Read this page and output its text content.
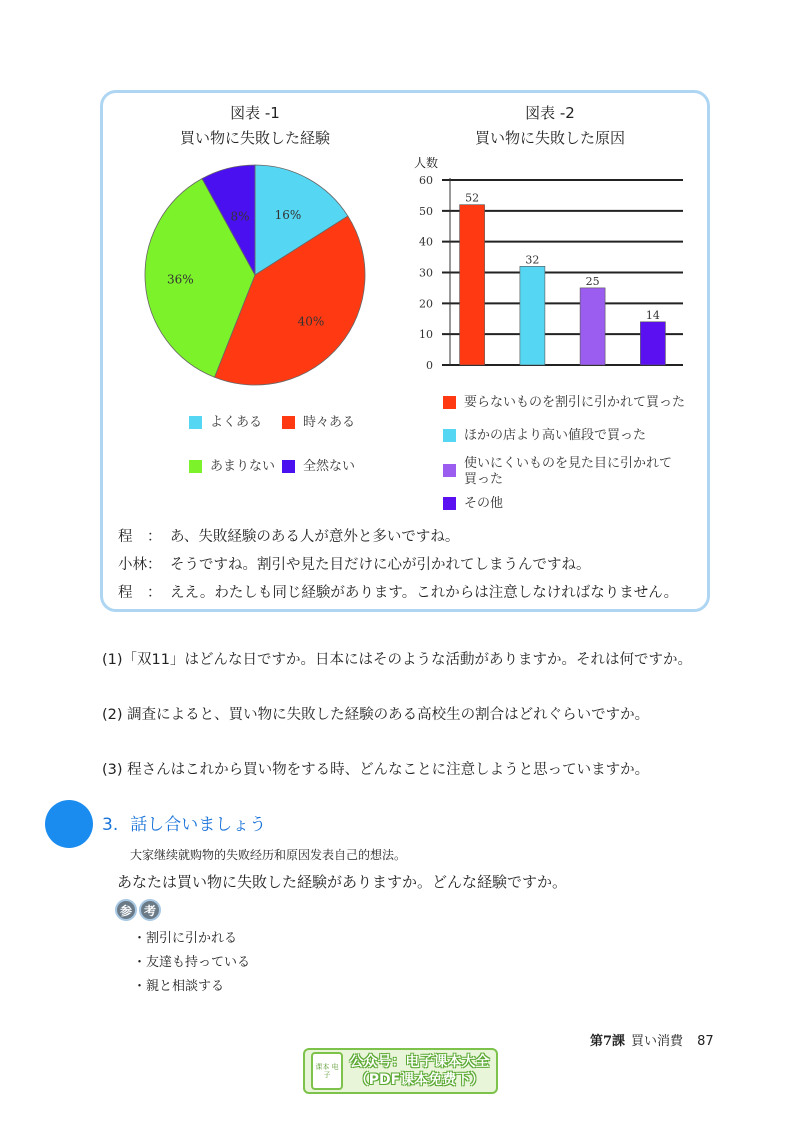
図表 -1
買い物に失敗した経験
図表 -2
買い物に失敗した原因
16%
40%
36%
8%
よくある	時々ある
あまりない 全然ない
人数
0
10
20
30
40
50
60
52
32
25
14
要らないものを割引に引かれて買った
ほかの店より高い値段で買った
使いにくいものを見た目に引かれて買った
その他
程　： あ、失敗経験のある人が意外と多いですね。
小林： そうですね。割引や見た目だけに心が引かれてしまうんですね。
程　： ええ。わたしも同じ経験があります。これからは注意しなければなりません。
(1)「双11」はどんな日ですか。日本にはそのような活動がありますか。それは何ですか。
(2) 調査によると、買い物に失敗した経験のある高校生の割合はどれぐらいですか。
(3) 程さんはこれから買い物をする時、どんなことに注意しようと思っていますか。
3. 話し合いましょう
大家继续就购物的失败经历和原因发表自己的想法。
あなたは買い物に失敗した経験がありますか。どんな経験ですか。
参 考
・割引に引かれる
・友達も持っている
・親と相談する
第7課 買い消費 87
课本 电子
公众号：电子课本大全
（PDF课本免费下）
